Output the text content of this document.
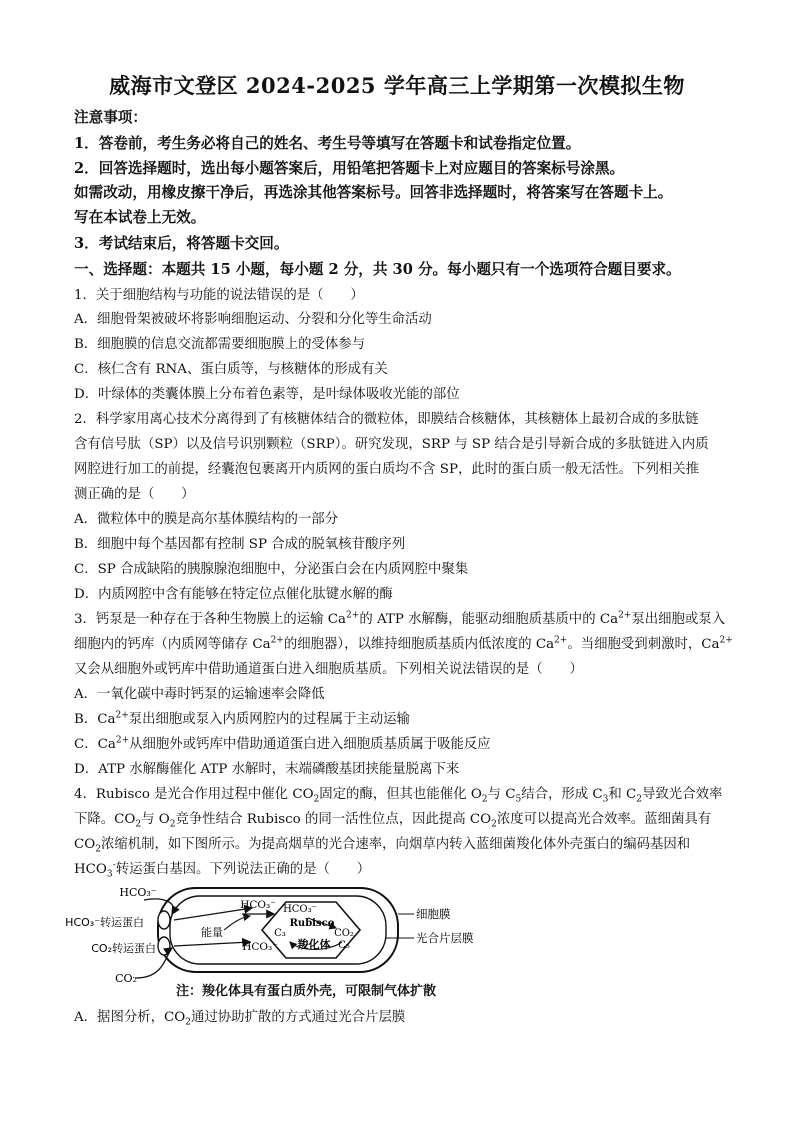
威海市文登区 2024-2025 学年高三上学期第一次模拟生物
注意事项：
1．答卷前，考生务必将自己的姓名、考生号等填写在答题卡和试卷指定位置。
2．回答选择题时，选出每小题答案后，用铅笔把答题卡上对应题目的答案标号涂黑。
如需改动，用橡皮擦干净后，再选涂其他答案标号。回答非选择题时，将答案写在答题卡上。
写在本试卷上无效。
3．考试结束后，将答题卡交回。
一、选择题：本题共 15 小题，每小题 2 分，共 30 分。每小题只有一个选项符合题目要求。
1．关于细胞结构与功能的说法错误的是（　　）
A．细胞骨架被破坏将影响细胞运动、分裂和分化等生命活动
B．细胞膜的信息交流都需要细胞膜上的受体参与
C．核仁含有 RNA、蛋白质等，与核糖体的形成有关
D．叶绿体的类囊体膜上分布着色素等，是叶绿体吸收光能的部位
2．科学家用离心技术分离得到了有核糖体结合的微粒体，即膜结合核糖体，其核糖体上最初合成的多肽链
含有信号肽（SP）以及信号识别颗粒（SRP）。研究发现，SRP 与 SP 结合是引导新合成的多肽链进入内质
网腔进行加工的前提，经囊泡包裹离开内质网的蛋白质均不含 SP，此时的蛋白质一般无活性。下列相关推
测正确的是（　　）
A．微粒体中的膜是高尔基体膜结构的一部分
B．细胞中每个基因都有控制 SP 合成的脱氧核苷酸序列
C．SP 合成缺陷的胰腺腺泡细胞中，分泌蛋白会在内质网腔中聚集
D．内质网腔中含有能够在特定位点催化肽键水解的酶
3．钙泵是一种存在于各种生物膜上的运输 $Ca^{2+}$的 ATP 水解酶，能驱动细胞质基质中的 $Ca^{2+}$泵出细胞或泵入
细胞内的钙库（内质网等储存 $Ca^{2+}$的细胞器），以维持细胞质基质内低浓度的 $Ca^{2+}$。当细胞受到刺激时，$Ca^{2+}$
又会从细胞外或钙库中借助通道蛋白进入细胞质基质。下列相关说法错误的是（　　）
A．一氧化碳中毒时钙泵的运输速率会降低
B．$Ca^{2+}$泵出细胞或泵入内质网腔内的过程属于主动运输
C．$Ca^{2+}$从细胞外或钙库中借助通道蛋白进入细胞质基质属于吸能反应
D．ATP 水解酶催化 ATP 水解时，末端磷酸基团挟能量脱离下来
4．Rubisco 是光合作用过程中催化 $CO_2$固定的酶，但其也能催化 $O_2$与 $C_5$结合，形成 $C_3$和 $C_2$导致光合效率
下降。$CO_2$与 $O_2$竞争性结合 Rubisco 的同一活性位点，因此提高 $CO_2$浓度可以提高光合效率。蓝细菌具有
$CO_2$浓缩机制，如下图所示。为提高烟草的光合速率，向烟草内转入蓝细菌羧化体外壳蛋白的编码基因和
$HCO_3^-$转运蛋白基因。下列说法正确的是（　　）
HCO₃⁻
HCO₃⁻转运蛋白
CO₂转运蛋白
CO₂
能量
HCO₃⁻
HCO₃⁻
HCO₃⁻
Rubisco
C₃	CO₂
C₅
羧化体
细胞膜
光合片层膜
注：羧化体具有蛋白质外壳，可限制气体扩散
A．据图分析，$CO_2$通过协助扩散的方式通过光合片层膜
